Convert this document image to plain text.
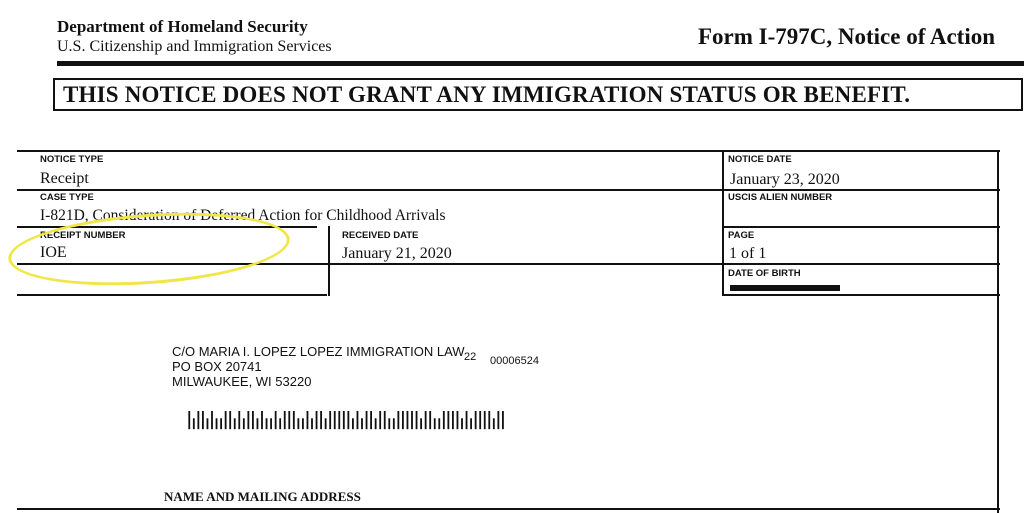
Department of Homeland Security
U.S. Citizenship and Immigration Services	Form I-797C, Notice of Action
THIS NOTICE DOES NOT GRANT ANY IMMIGRATION STATUS OR BENEFIT.
NOTICE TYPE
Receipt
NOTICE DATE
January 23, 2020
CASE TYPE
I-821D, Consideration of Deferred Action for Childhood Arrivals
USCIS ALIEN NUMBER
RECEIPT NUMBER
IOE
RECEIVED DATE
January 21, 2020
PAGE
1 of 1
DATE OF BIRTH
C/O MARIA I. LOPEZ LOPEZ IMMIGRATION LAW 22 00006524
PO BOX 20741
MILWAUKEE, WI 53220
NAME AND MAILING ADDRESS
